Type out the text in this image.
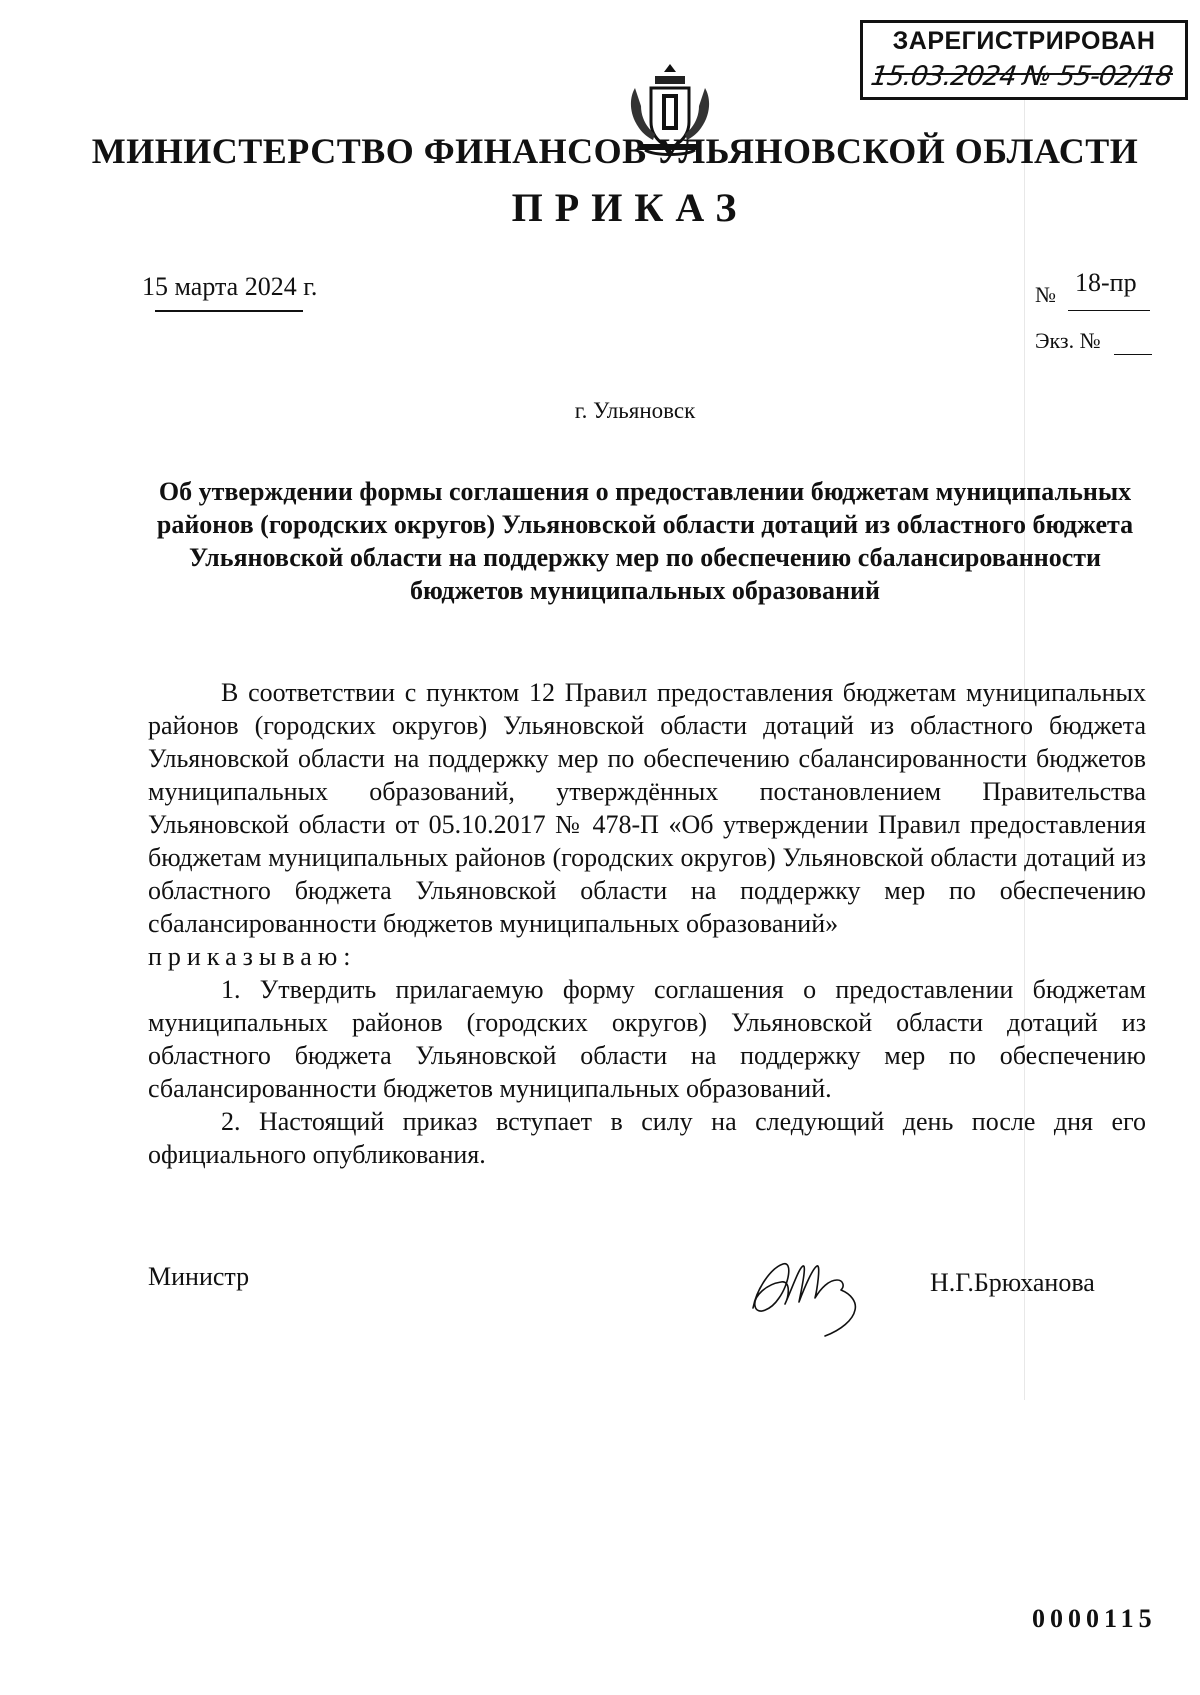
ЗАРЕГИСТРИРОВАН
15.03.2024 № 55-02/18
МИНИСТЕРСТВО ФИНАНСОВ УЛЬЯНОВСКОЙ ОБЛАСТИ
ПРИКАЗ
15 марта 2024 г.	№ 18-пр
Экз. №
г. Ульяновск
Об утверждении формы соглашения о предоставлении бюджетам муниципальных районов (городских округов) Ульяновской области дотаций из областного бюджета Ульяновской области на поддержку мер по обеспечению сбалансированности бюджетов муниципальных образований

В соответствии с пунктом 12 Правил предоставления бюджетам муниципальных районов (городских округов) Ульяновской области дотаций из областного бюджета Ульяновской области на поддержку мер по обеспечению сбалансированности бюджетов муниципальных образований, утверждённых постановлением Правительства Ульяновской области от 05.10.2017 № 478-П «Об утверждении Правил предоставления бюджетам муниципальных районов (городских округов) Ульяновской области дотаций из областного бюджета Ульяновской области на поддержку мер по обеспечению сбалансированности бюджетов муниципальных образований»

приказываю:

1. Утвердить прилагаемую форму соглашения о предоставлении бюджетам муниципальных районов (городских округов) Ульяновской области дотаций из областного бюджета Ульяновской области на поддержку мер по обеспечению сбалансированности бюджетов муниципальных образований.

2. Настоящий приказ вступает в силу на следующий день после дня его официального опубликования.

Министр	Н.Г.Брюханова
0000115
